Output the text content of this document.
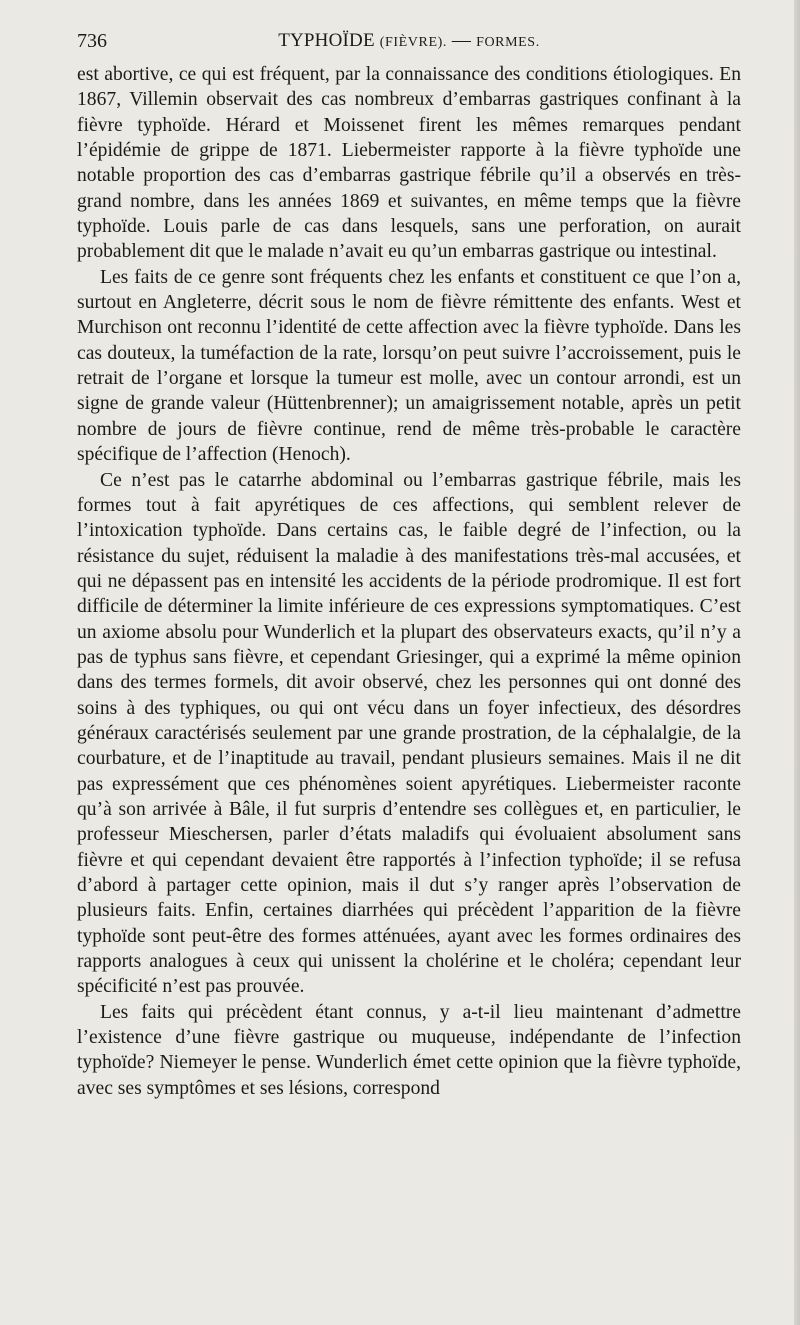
736	TYPHOÏDE (FIÈVRE). — FORMES.

est abortive, ce qui est fréquent, par la connaissance des conditions étiologiques. En 1867, Villemin observait des cas nombreux d’embarras gastriques confinant à la fièvre typhoïde. Hérard et Moissenet firent les mêmes remarques pendant l’épidémie de grippe de 1871. Liebermeister rapporte à la fièvre typhoïde une notable proportion des cas d’embarras gastrique fébrile qu’il a observés en très-grand nombre, dans les années 1869 et suivantes, en même temps que la fièvre typhoïde. Louis parle de cas dans lesquels, sans une perforation, on aurait probablement dit que le malade n’avait eu qu’un embarras gastrique ou intestinal.

Les faits de ce genre sont fréquents chez les enfants et constituent ce que l’on a, surtout en Angleterre, décrit sous le nom de fièvre rémittente des enfants. West et Murchison ont reconnu l’identité de cette affection avec la fièvre typhoïde. Dans les cas douteux, la tuméfaction de la rate, lorsqu’on peut suivre l’accroissement, puis le retrait de l’organe et lorsque la tumeur est molle, avec un contour arrondi, est un signe de grande valeur (Hüttenbrenner); un amaigrissement notable, après un petit nombre de jours de fièvre continue, rend de même très-probable le caractère spécifique de l’affection (Henoch).

Ce n’est pas le catarrhe abdominal ou l’embarras gastrique fébrile, mais les formes tout à fait apyrétiques de ces affections, qui semblent relever de l’intoxication typhoïde. Dans certains cas, le faible degré de l’infection, ou la résistance du sujet, réduisent la maladie à des manifestations très-mal accusées, et qui ne dépassent pas en intensité les accidents de la période prodromique. Il est fort difficile de déterminer la limite inférieure de ces expressions symptomatiques. C’est un axiome absolu pour Wunderlich et la plupart des observateurs exacts, qu’il n’y a pas de typhus sans fièvre, et cependant Griesinger, qui a exprimé la même opinion dans des termes formels, dit avoir observé, chez les personnes qui ont donné des soins à des typhiques, ou qui ont vécu dans un foyer infectieux, des désordres généraux caractérisés seulement par une grande prostration, de la céphalalgie, de la courbature, et de l’inaptitude au travail, pendant plusieurs semaines. Mais il ne dit pas expressément que ces phénomènes soient apyrétiques. Liebermeister raconte qu’à son arrivée à Bâle, il fut surpris d’entendre ses collègues et, en particulier, le professeur Mieschersen, parler d’états maladifs qui évoluaient absolument sans fièvre et qui cependant devaient être rapportés à l’infection typhoïde; il se refusa d’abord à partager cette opinion, mais il dut s’y ranger après l’observation de plusieurs faits. Enfin, certaines diarrhées qui précèdent l’apparition de la fièvre typhoïde sont peut-être des formes atténuées, ayant avec les formes ordinaires des rapports analogues à ceux qui unissent la cholérine et le choléra; cependant leur spécificité n’est pas prouvée.

Les faits qui précèdent étant connus, y a-t-il lieu maintenant d’admettre l’existence d’une fièvre gastrique ou muqueuse, indépendante de l’infection typhoïde? Niemeyer le pense. Wunderlich émet cette opinion que la fièvre typhoïde, avec ses symptômes et ses lésions, correspond
